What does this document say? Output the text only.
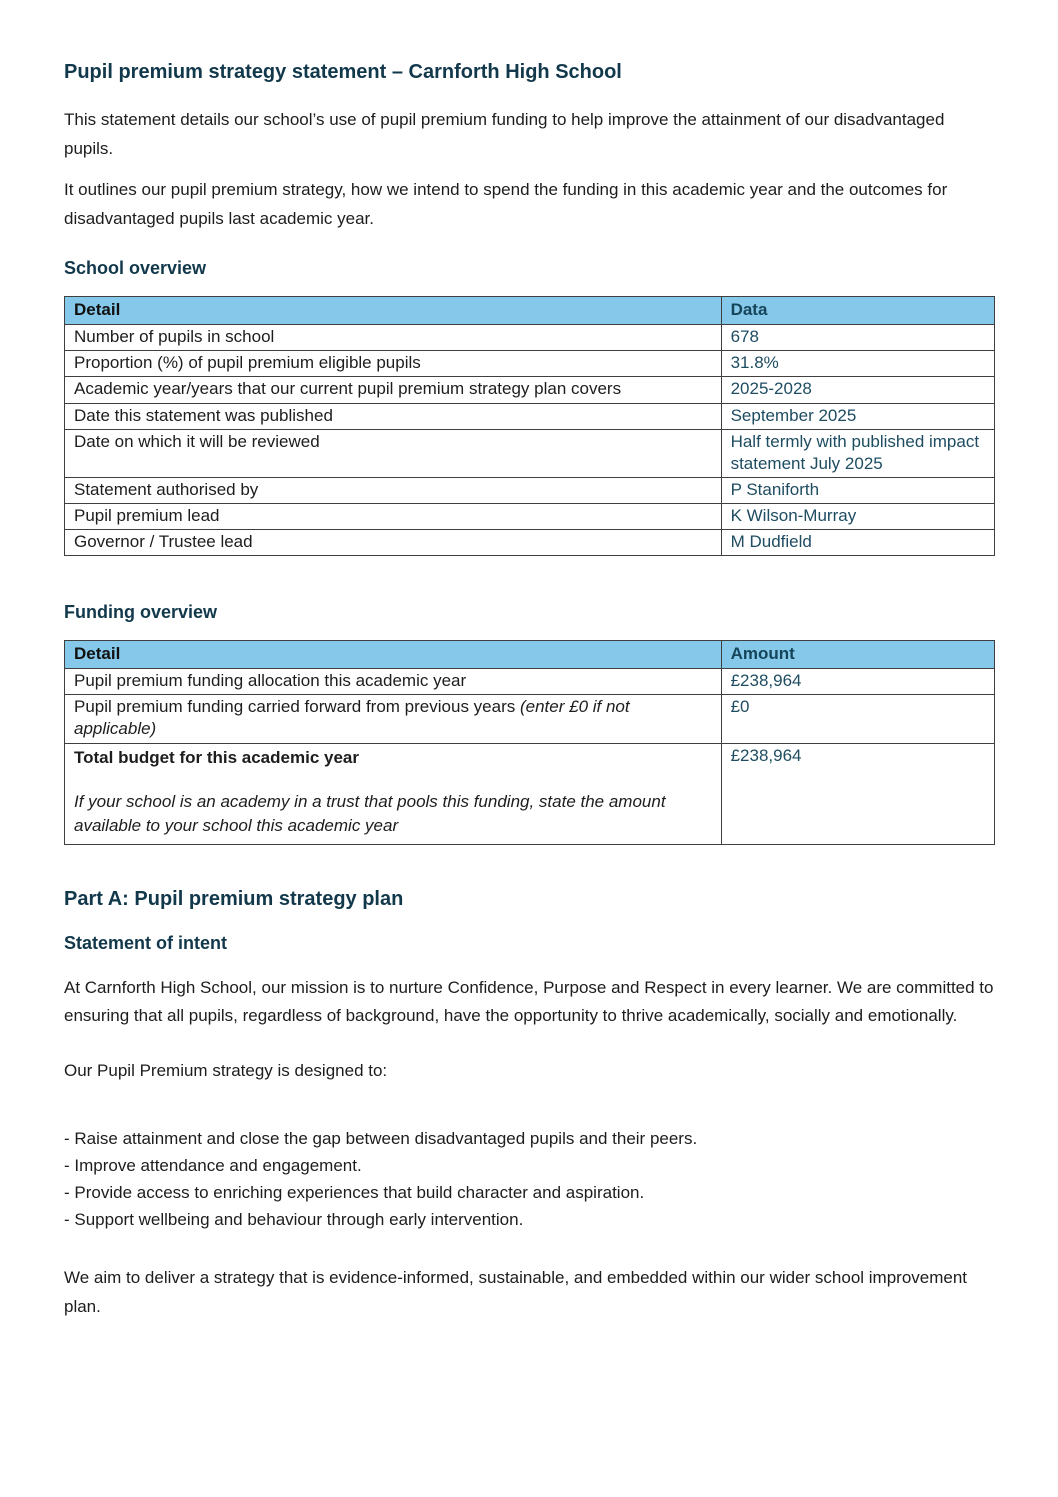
Pupil premium strategy statement – Carnforth High School

This statement details our school’s use of pupil premium funding to help improve the attainment of our disadvantaged pupils.

It outlines our pupil premium strategy, how we intend to spend the funding in this academic year and the outcomes for disadvantaged pupils last academic year.

School overview
Detail	Data
Number of pupils in school	678
Proportion (%) of pupil premium eligible pupils	31.8%
Academic year/years that our current pupil premium strategy plan covers	2025-2028
Date this statement was published	September 2025
Date on which it will be reviewed	Half termly with published impact statement July 2025
Statement authorised by	P Staniforth
Pupil premium lead	K Wilson-Murray
Governor / Trustee lead	M Dudfield
Funding overview
Detail	Amount
Pupil premium funding allocation this academic year	£238,964
Pupil premium funding carried forward from previous years (enter £0 if not applicable)	£0

Total budget for this academic year
If your school is an academy in a trust that pools this funding, state the amount available to your school this academic year	£238,964
Part A: Pupil premium strategy plan
Statement of intent

At Carnforth High School, our mission is to nurture Confidence, Purpose and Respect in every learner. We are committed to ensuring that all pupils, regardless of background, have the opportunity to thrive academically, socially and emotionally.

Our Pupil Premium strategy is designed to:

- Raise attainment and close the gap between disadvantaged pupils and their peers.
- Improve attendance and engagement.
- Provide access to enriching experiences that build character and aspiration.
- Support wellbeing and behaviour through early intervention.

We aim to deliver a strategy that is evidence-informed, sustainable, and embedded within our wider school improvement plan.
